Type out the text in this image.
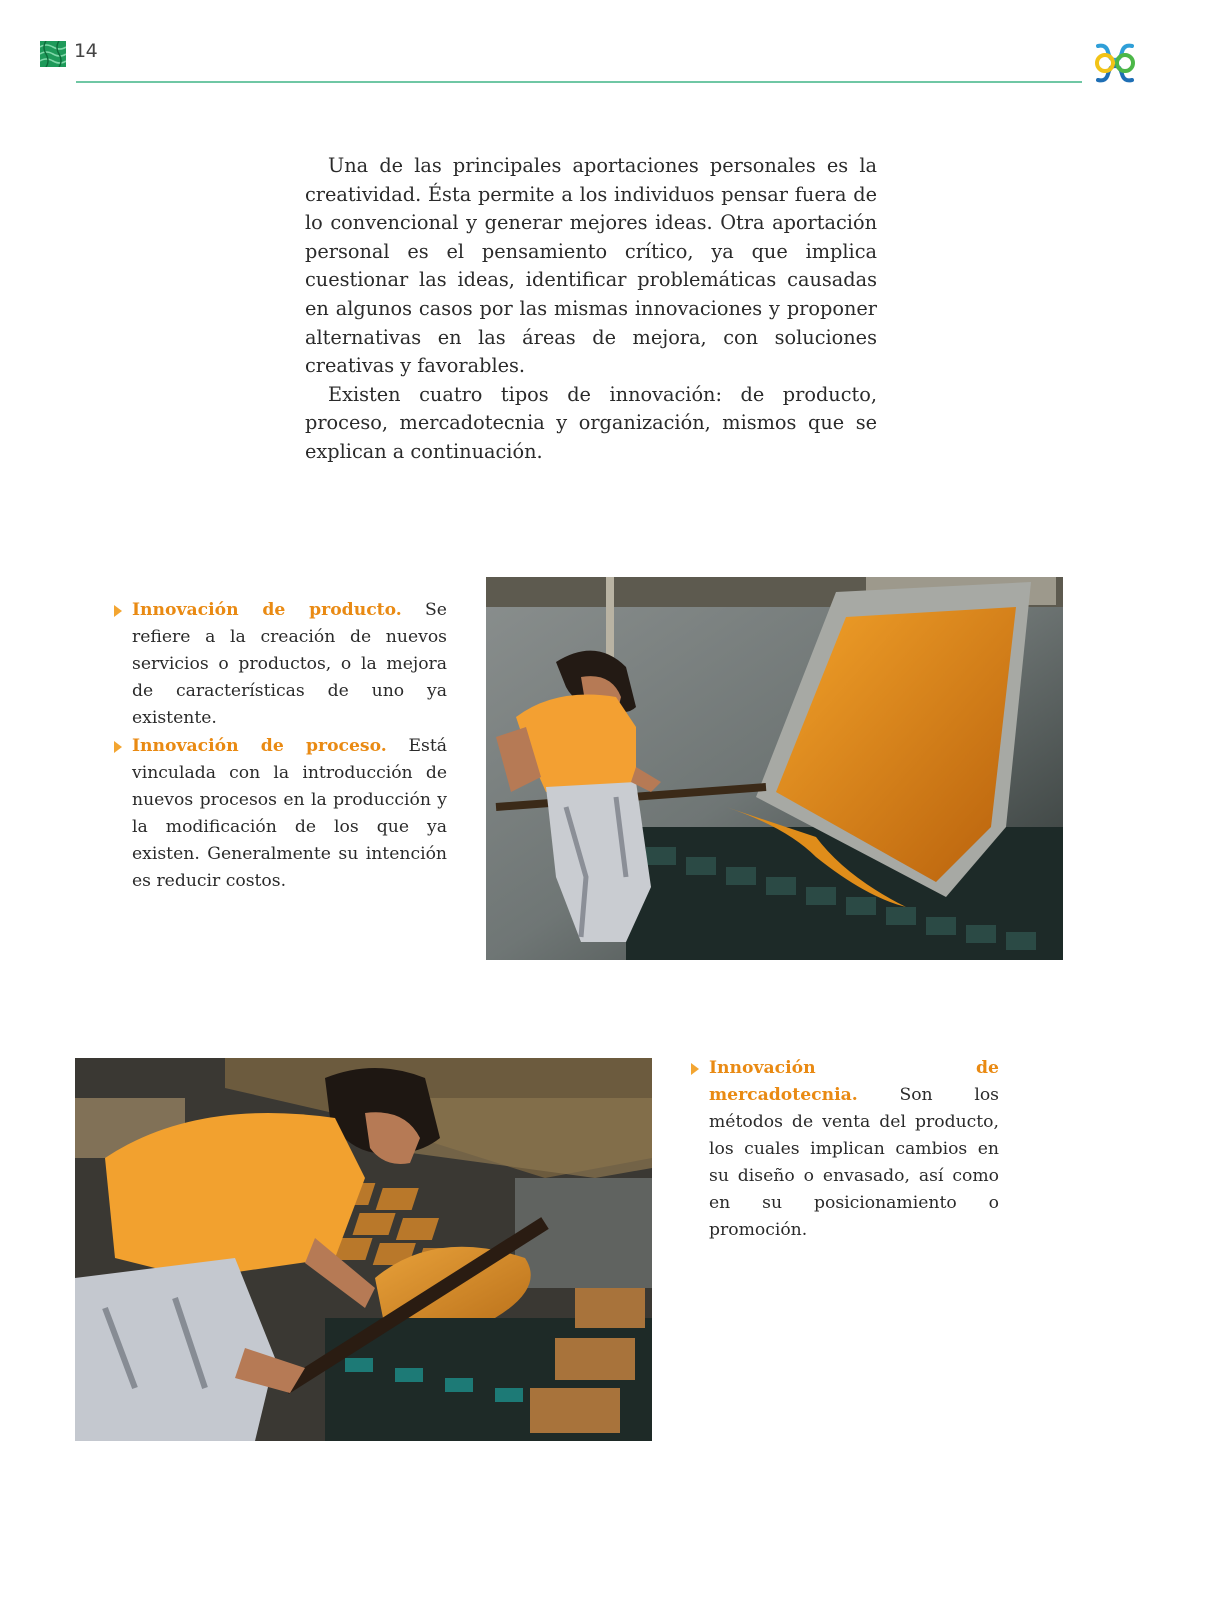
14

Una de las principales aportaciones personales es la creatividad. Ésta permite a los individuos pensar fuera de lo convencional y generar mejores ideas. Otra aportación personal es el pensamiento crítico, ya que implica cuestionar las ideas, identificar problemáticas causadas en algunos casos por las mismas innovaciones y proponer alternativas en las áreas de mejora, con soluciones creativas y favorables.

Existen cuatro tipos de innovación: de producto, proceso, mercadotecnia y organización, mismos que se explican a continuación.

Innovación de producto. Se refiere a la creación de nuevos servicios o productos, o la mejora de características de uno ya existente.
Innovación de proceso. Está vinculada con la introducción de nuevos procesos en la producción y la modificación de los que ya existen. Generalmente su intención es reducir costos.
Innovación de mercadotecnia. Son los métodos de venta del producto, los cuales implican cambios en su diseño o envasado, así como en su posicionamiento o promoción.
